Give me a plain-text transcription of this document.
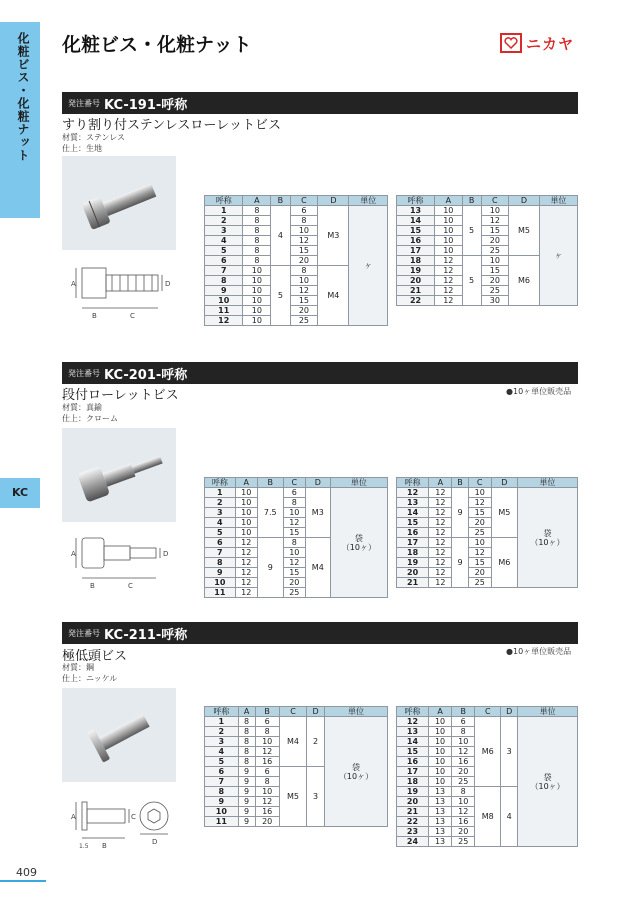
化粧ビス・化粧ナット
KC
化粧ビス・化粧ナット	ニカヤ
発注番号 KC-191-呼称
すり割り付ステンレスローレットビス
材質：ステンレス
仕上：生地
A	D
B	C
呼称	A	B	C	D	単位
1	8	4	6	M3	ヶ
2	8		8		
3	8		10		
4	8		12		
5	8		15		
6	8		20		
7	10	5	8	M4	
8	10		10		
9	10		12		
10	10		15		
11	10		20		
12	10		25		
呼称	A	B	C	D	単位
13	10	5	10	M5	ヶ
14	10		12		
15	10		15		
16	10		20		
17	10		25		
18	12	5	10	M6	
19	12		15		
20	12		20		
21	12		25		
22	12		30		
発注番号 KC-201-呼称
段付ローレットビス	●10ヶ単位販売品
材質：真鍮
仕上：クローム
A	D
B	C
呼称	A	B	C	D	単位
1	10	7.5	6	M3	袋
（10ヶ）
2	10		8		
3	10		10		
4	10		12		
5	10		15		
6	12	9	8	M4	
7	12		10		
8	12		12		
9	12		15		
10	12		20		
11	12		25		
呼称	A	B	C	D	単位
12	12	9	10	M5	袋
（10ヶ）
13	12		12		
14	12		15		
15	12		20		
16	12		25		
17	12	9	10	M6	
18	12		12		
19	12		15		
20	12		20		
21	12		25		
発注番号 KC-211-呼称
極低頭ビス	●10ヶ単位販売品
材質：鋼
仕上：ニッケル
A	C
1.5 B	D
呼称	A	B	C	D	単位
1	8	6	M4	2	袋
（10ヶ）
2	8	8			
3	8	10			
4	8	12			
5	8	16			
6	9	6	M5	3	
7	9	8			
8	9	10			
9	9	12			
10	9	16			
11	9	20			
呼称	A	B	C	D	単位
12	10	6	M6	3	袋
（10ヶ）
13	10	8			
14	10	10			
15	10	12			
16	10	16			
17	10	20			
18	10	25			
19	13	8	M8	4	
20	13	10			
21	13	12			
22	13	16			
23	13	20			
24	13	25			
409
